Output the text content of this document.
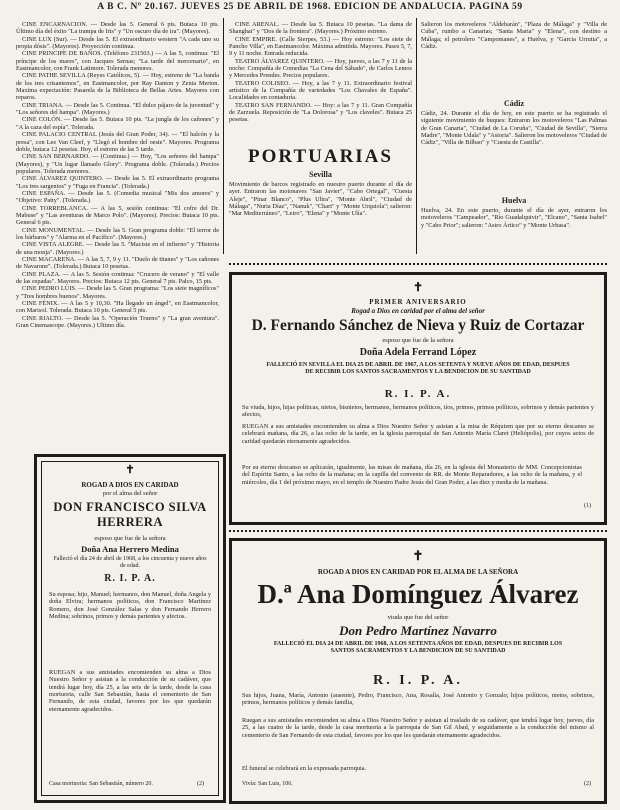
A B C. Nº 20.167. JUEVES 25 DE ABRIL DE 1968. EDICION DE ANDALUCIA. PAGINA 59

CINE ENCARNACION. — Desde las 5. General 6 pts. Butaca 10 pts. Último día del éxito "La trampa de Iris" y "Un oscuro día de ira". (Mayores).

CINE LUX (Sur). — Desde las 5. El extraordinario western "A cada uno su propia dósis". (Mayores). Proyección continua.

CINE PRINCIPE DE BAÑOS. (Teléfono 231503.) — A las 5, continua: "El príncipe de los mares", con Jacques Sernas; "La tarde del mercenario", en Eastmancolor, con Frank Latimore. Tolerada menores.

CINE PATHE SEVILLA (Reyes Católicos, 5). — Hoy, estreno de "La banda de los tres crisantemos", en Eastmancolor, por Ray Danton y Zenia Merton. Maxima expectación: Pasarela de la Biblioteca de Bellas Artes. Mayores con reparos.

CINE TRIANA. — Desde las 5. Continua. "El dulce pájaro de la juventud" y "Los señores del hampa". (Mayores.)

CINE COLÓN. — Desde las 5. Butaca 10 pts. "La jungla de los cañones" y "A la caza del espía". Tolerada.

CINE PALACIO CENTRAL (Jesús del Gran Poder, 34). — "El halcón y la presa", con Lee Van Cleef, y "Llegó el hombre del oeste". Mayores. Programa doble, butaca 12 pesetas. Hoy, el estreno de las 5 tarde.

CINE SAN BERNARDO. — (Continua.) — Hoy, "Los señores del hampa" (Mayores), y "Un lugar llamado Glory". Programa doble. (Tolerada.) Precios populares. Tolerada menores.

CINE ÁLVAREZ QUINTERO. — Desde las 5. El extraordinario programa "Los tres sargentos" y "Fuga en Francia". (Tolerada.)

CINE ESPAÑA. — Desde las 5. (Comedia musical "Mis dos amores" y "Objetivo: Patty". (Tolerada.)

CINE TORREBLANCA. — A las 5, sesión continua: "El cofre del Dr. Mabuse" y "Las aventuras de Marco Polo". (Mayores). Precios: Butaca 10 pts. General 6 pts.

CINE MONUMENTAL. — Desde las 5. Gran programa doble: "El terror de los bárbaros" y "Alarma en el Pacífico". (Mayores.)

CINE VISTA ALEGRE. — Desde las 5. "Maciste en el infierno" y "Historia de una monja". (Mayores.)

CINE MACARENA. — A las 5, 7, 9 y 11. "Duelo de titanes" y "Los cañones de Navarone". (Tolerada.) Butaca 10 pesetas.

CINE PLAZA. — A las 5. Sesión continua: "Crucero de verano" y "El valle de las espadas". Mayores. Precios: Butaca 12 pts. General 7 pts. Palco, 15 pts.

CINE PEDRO LUIS. — Desde las 5. Gran programa: "Los siete magníficos" y "Tres hombres buenos". Mayores.

CINE FÉNIX. — A las 5 y 10,30. "Ha llegado un ángel", en Eastmancolor, con Marisol. Tolerada. Butaca 10 pts. General 5 pts.

CINE RIALTO. — Desde las 5. "Operación Trueno" y "La gran aventura". Gran Cinemascope. (Mayores.) Ultimo día.

✝
ROGAD A DIOS EN CARIDAD
por el alma del señor
DON FRANCISCO SILVA HERRERA
esposo que fue de la señora
Doña Ana Herrero Medina
Falleció el día 24 de abril de 1968, a los cincuenta y nueve años de edad.
R. I. P. A.
Su esposa; hijo, Manuel; hermanos, don Manuel, doña Angela y doña Elvira; hermanos políticos, don Francisco Martínez Romero, don José González Salas y don Fernando Herrero Medina; sobrinos, primos y demás parientes y afectos.
RUEGAN a sus amistades encomienden su alma a Dios Nuestro Señor y asistan a la conducción de su cadáver, que tendrá lugar hoy, día 25, a las seis de la tarde, desde la casa mortuoria, calle San Sebastián, hasta el cementerio de San Fernando, de esta ciudad, favores por los que quedarán eternamente agradecidos.
Casa mortuoria: San Sebastián, número 20.	(2)

CINE ARENAL. — Desde las 5. Butaca 10 pesetas. "La dama de Shanghai" y "Dos de la frontera". (Mayores.) Próximo estreno.

CINE EMPIRE. (Calle Sierpes, 53.) — Hoy estreno: "Los siete de Pancho Villa", en Eastmancolor. Máxima admitida. Mayores. Pases 5, 7, 9 y 11 noche. Entrada reducida.

TEATRO ÁLVAREZ QUINTERO. — Hoy, jueves, a las 7 y 11 de la noche: Compañía de Comedias "La Cena del Sábado", de Carlos Lemos y Mercedes Prendes. Precios populares.

TEATRO COLISEO. — Hoy, a las 7 y 11. Extraordinario festival artístico de la Compañía de variedades "Los Chavales de España". Localidades en contaduría.

TEATRO SAN FERNANDO. — Hoy: a las 7 y 11. Gran Compañía de Zarzuela. Reposición de "La Dolorosa" y "Los claveles". Butaca 25 pesetas.

PORTUARIAS
Sevilla
Movimiento de barcos registrado en nuestro puerto durante el día de ayer. Entraron las motonaves "San Javier", "Cabo Ortegal", "Cuesta Aleje", "Pinar Blanco", "Plus Ultra", "Monte Abril", "Ciudad de Málaga", "Nuria Díaz", "Nanuk", "Chart" y "Monte Urquiola"; salieron: "Mar Mediterráneo", "Leiro", "Elena" y "Monte Ulía".
Salieron los motoveleros "Aldebarán", "Plaza de Málaga" y "Villa de Cuba", rumbo a Canarias; "Santa Maria" y "Elena", con destino a Málaga; el petrolero "Campomanes", a Huelva, y "Garcia Urrutia", a Cádiz.
Cádiz
Cádiz, 24. Durante el día de hoy, en este puerto se ha registrado el siguiente movimiento de buques: Entraron los motoveleros "Las Palmas de Gran Canaria", "Ciudad de La Coruña", "Ciudad de Sevilla", "Sierra Madre", "Monte Udala" y "Astoria". Salieron los motoveleros "Ciudad de Cádiz", "Villa de Bilbao" y "Cuesta de Castilla".
Huelva
Huelva, 24. En este puerto, durante el día de ayer, entraron los motoveleros "Campeador", "Río Guadalquivir", "Elcano", "Santa Isabel" y "Cabo Prior"; salieron: "Astro Ártico" y "Monte Urbasa".
✝
PRIMER ANIVERSARIO
Rogad a Dios en caridad por el alma del señor
D. Fernando Sánchez de Nieva y Ruiz de Cortazar
esposo que fue de la señora
Doña Adela Ferrand López
FALLECIÓ EN SEVILLA EL DIA 25 DE ABRIL DE 1967, A LOS SETENTA Y NUEVE AÑOS DE EDAD, DESPUES DE RECIBIR LOS SANTOS SACRAMENTOS Y LA BENDICION DE SU SANTIDAD
R. I. P. A.
Su viuda, hijos, hijas políticas, nietos, bisnietos, hermanos, hermanos políticos, tíos, primos, primos políticos, sobrinos y demás parientes y afectos,
RUEGAN a sus amistades encomienden su alma a Dios Nuestro Señor y asistan a la misa de Réquiem que por su eterno descanso se celebrará mañana, día 26, a las ocho de la tarde, en la iglesia parroquial de San Antonio María Claret (Heliópolis), por cuyos actos de caridad quedarán eternamente agradecidos.
Por su eterno descanso se aplicarán, igualmente, las misas de mañana, día 26, en la iglesia del Monasterio de MM. Concepcionistas del Espíritu Santo, a las ocho de la mañana; en la capilla del convento de RR. de Monte Reparadores, a las ocho de la mañana, y el miércoles, día 1 del próximo mayo, en el templo de Nuestro Padre Jesús del Gran Poder, a las diez y media de la mañana.
(1)
✝
ROGAD A DIOS EN CARIDAD POR EL ALMA DE LA SEÑORA
D.ª Ana Domínguez Álvarez
viuda que fue del señor
Don Pedro Martínez Navarro
FALLECIÓ EL DIA 24 DE ABRIL DE 1968, A LOS SETENTA AÑOS DE EDAD, DESPUES DE RECIBIR LOS SANTOS SACRAMENTOS Y LA BENDICION DE SU SANTIDAD
R. I. P. A.
Sus hijos, Juana, María, Antonio (ausente), Pedro, Francisco, Ana, Rosalía, José Antonio y Gonzalo; hijos políticos, nietos, sobrinos, primos, hermanos políticos y demás familia,
Ruegan a sus amistades encomienden su alma a Dios Nuestro Señor y asistan al traslado de su cadáver, que tendrá lugar hoy, jueves, día 25, a las cuatro de la tarde, desde la casa mortuoria a la parroquia de San Gil Abad, y seguidamente a la conducción del mismo al cementerio de San Fernando de esta ciudad, favores por los que les quedarán eternamente agradecidos.
El funeral se celebrará en la expresada parroquia.
Vivía: San Luis, 106.	(2)
